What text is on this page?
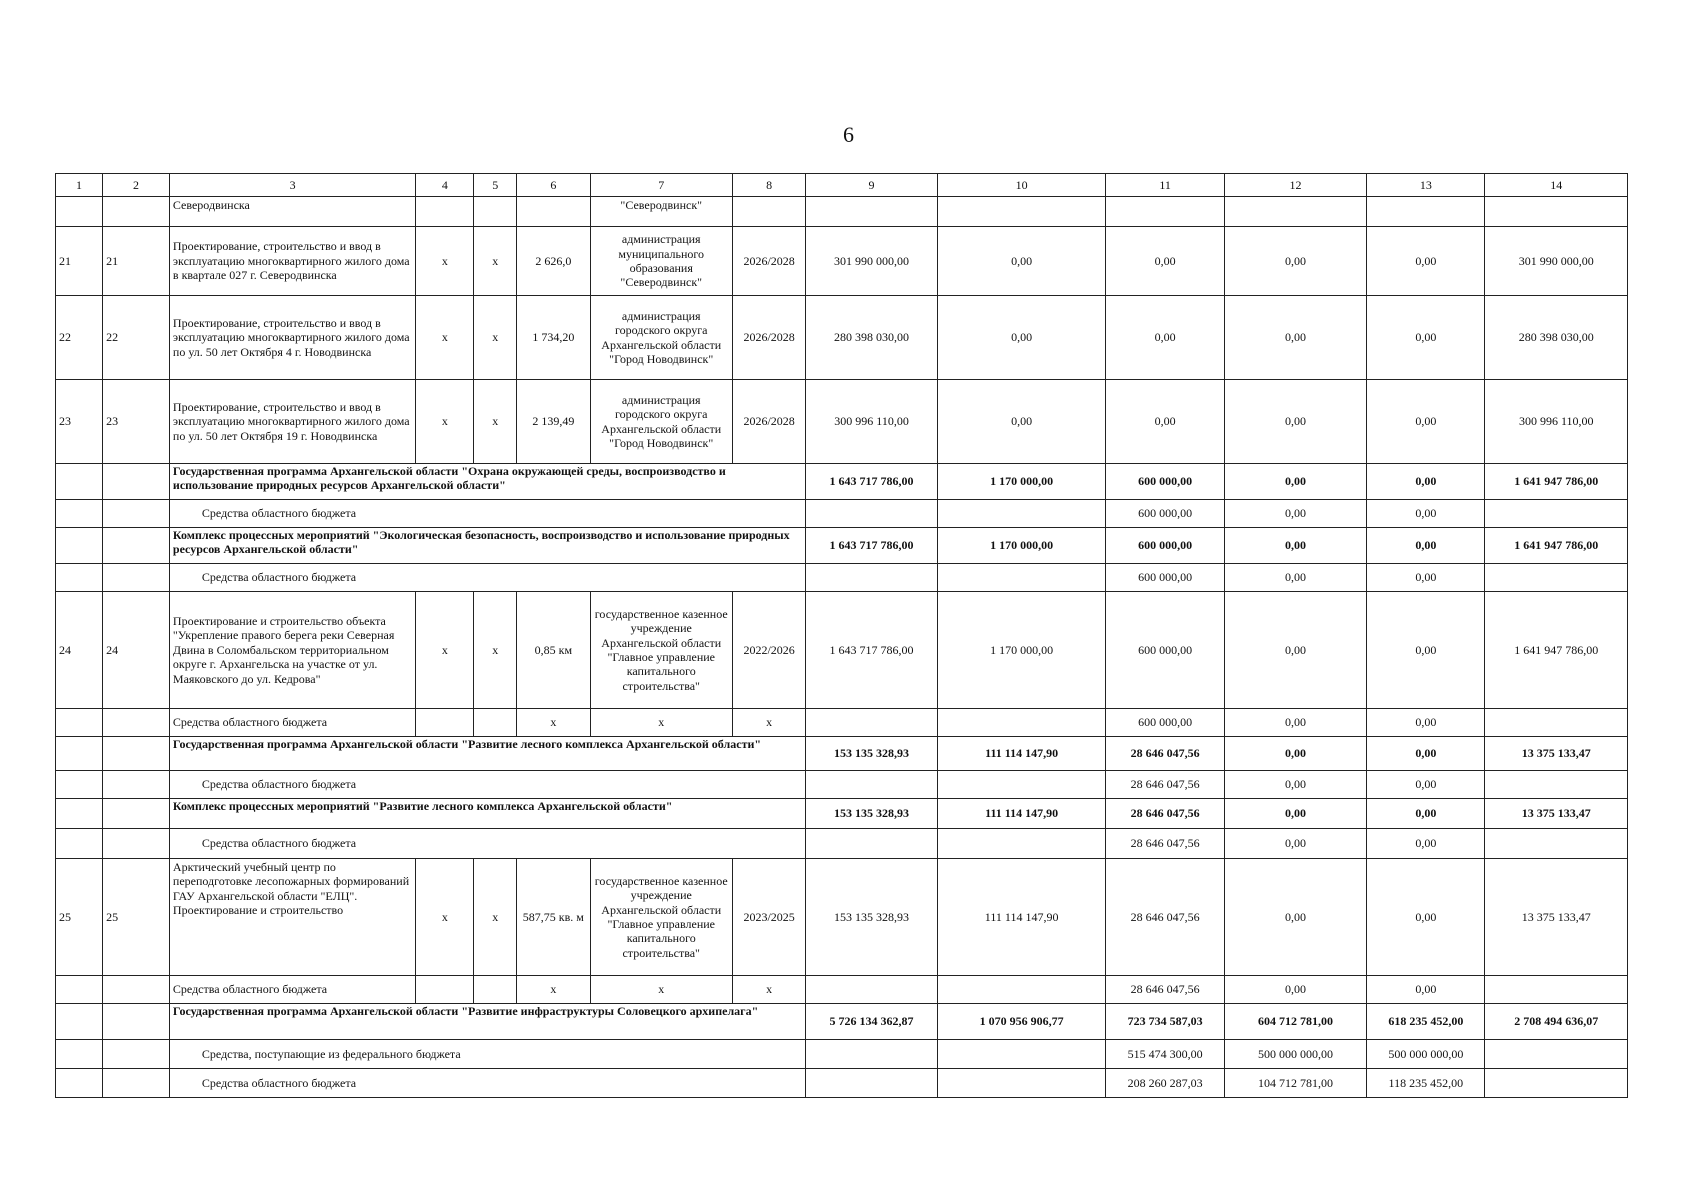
6
1	2	3	4	5	6	7	8	9	10	11	12	13	14
		Северодвинска				"Северодвинск"							
21	21	Проектирование, строительство и ввод в эксплуатацию многоквартирного жилого дома в квартале 027 г. Северодвинска	х	х	2 626,0	администрация муниципального образования "Северодвинск"	2026/2028	301 990 000,00	0,00	0,00	0,00	0,00	301 990 000,00
22	22	Проектирование, строительство и ввод в эксплуатацию многоквартирного жилого дома по ул. 50 лет Октября 4 г. Новодвинска	х	х	1 734,20	администрация городского округа Архангельской области "Город Новодвинск"	2026/2028	280 398 030,00	0,00	0,00	0,00	0,00	280 398 030,00
23	23	Проектирование, строительство и ввод в эксплуатацию многоквартирного жилого дома по ул. 50 лет Октября 19 г. Новодвинска	х	х	2 139,49	администрация городского округа Архангельской области "Город Новодвинск"	2026/2028	300 996 110,00	0,00	0,00	0,00	0,00	300 996 110,00
		Государственная программа Архангельской области "Охрана окружающей среды, воспроизводство и использование природных ресурсов Архангельской области"						1 643 717 786,00	1 170 000,00	600 000,00	0,00	0,00	1 641 947 786,00
		Средства областного бюджета								600 000,00	0,00	0,00	
		Комплекс процессных мероприятий "Экологическая безопасность, воспроизводство и использование природных ресурсов Архангельской области"						1 643 717 786,00	1 170 000,00	600 000,00	0,00	0,00	1 641 947 786,00
		Средства областного бюджета								600 000,00	0,00	0,00	
24	24	Проектирование и строительство объекта "Укрепление правого берега реки Северная Двина в Соломбальском территориальном округе г. Архангельска на участке от ул. Маяковского до ул. Кедрова"	х	х	0,85 км	государственное казенное учреждение Архангельской области "Главное управление капитального строительства"	2022/2026	1 643 717 786,00	1 170 000,00	600 000,00	0,00	0,00	1 641 947 786,00
		Средства областного бюджета			х	х	х			600 000,00	0,00	0,00	
		Государственная программа Архангельской области "Развитие лесного комплекса Архангельской области"						153 135 328,93	111 114 147,90	28 646 047,56	0,00	0,00	13 375 133,47
		Средства областного бюджета								28 646 047,56	0,00	0,00	
		Комплекс процессных мероприятий "Развитие лесного комплекса Архангельской области"						153 135 328,93	111 114 147,90	28 646 047,56	0,00	0,00	13 375 133,47
		Средства областного бюджета								28 646 047,56	0,00	0,00	
25	25	Арктический учебный центр по переподготовке лесопожарных формирований ГАУ Архангельской области "ЕЛЦ". Проектирование и строительство	х	х	587,75 кв. м	государственное казенное учреждение Архангельской области "Главное управление капитального строительства"	2023/2025	153 135 328,93	111 114 147,90	28 646 047,56	0,00	0,00	13 375 133,47
		Средства областного бюджета			х	х	х			28 646 047,56	0,00	0,00	
		Государственная программа Архангельской области "Развитие инфраструктуры Соловецкого архипелага"						5 726 134 362,87	1 070 956 906,77	723 734 587,03	604 712 781,00	618 235 452,00	2 708 494 636,07
		Средства, поступающие из федерального бюджета								515 474 300,00	500 000 000,00	500 000 000,00	
		Средства областного бюджета								208 260 287,03	104 712 781,00	118 235 452,00	
